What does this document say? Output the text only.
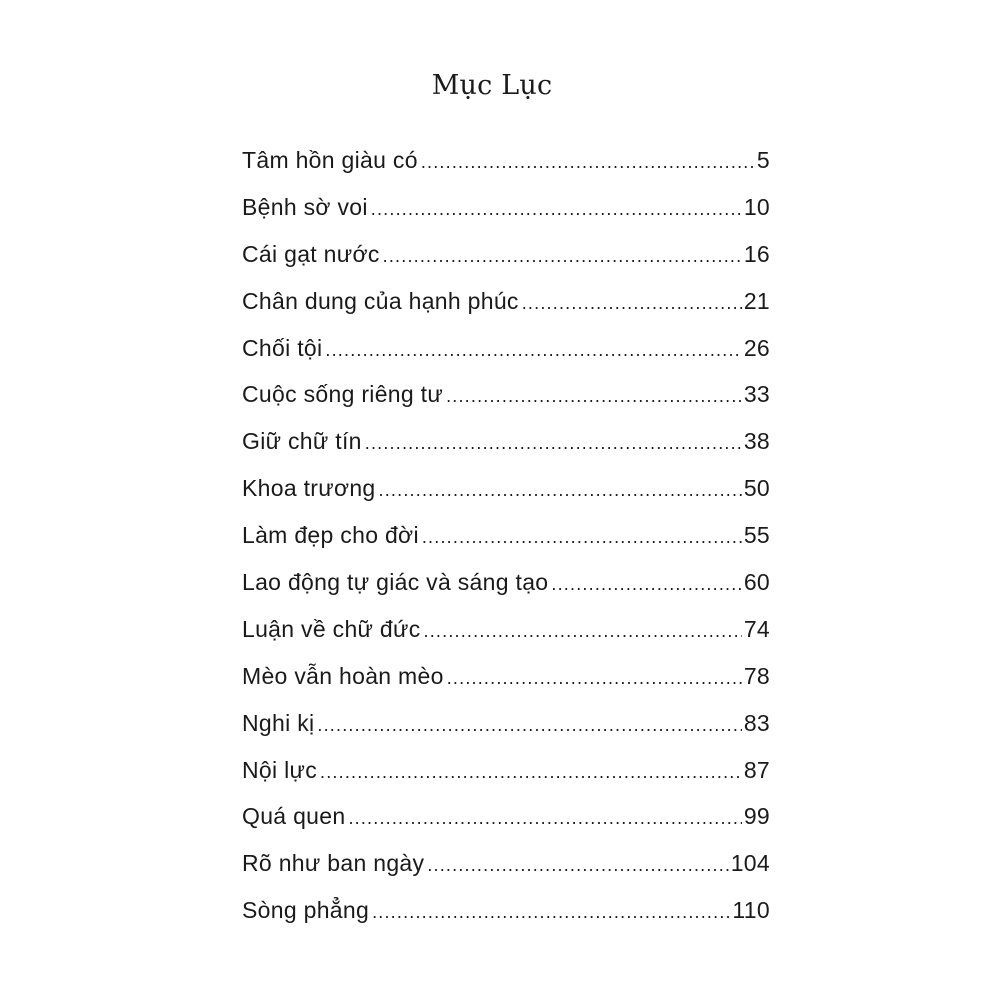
Mục Lục
Tâm hồn giàu có .....	5
Bệnh sờ voi .....	10
Cái gạt nước .....	16
Chân dung của hạnh phúc .....	21
Chối tội .....	26
Cuộc sống riêng tư .....	33
Giữ chữ tín .....	38
Khoa trương .....	50
Làm đẹp cho đời .....	55
Lao động tự giác và sáng tạo .....	60
Luận về chữ đức .....	74
Mèo vẫn hoàn mèo .....	78
Nghi kị .....	83
Nội lực .....	87
Quá quen .....	99
Rõ như ban ngày .....	104
Sòng phẳng .....	110
